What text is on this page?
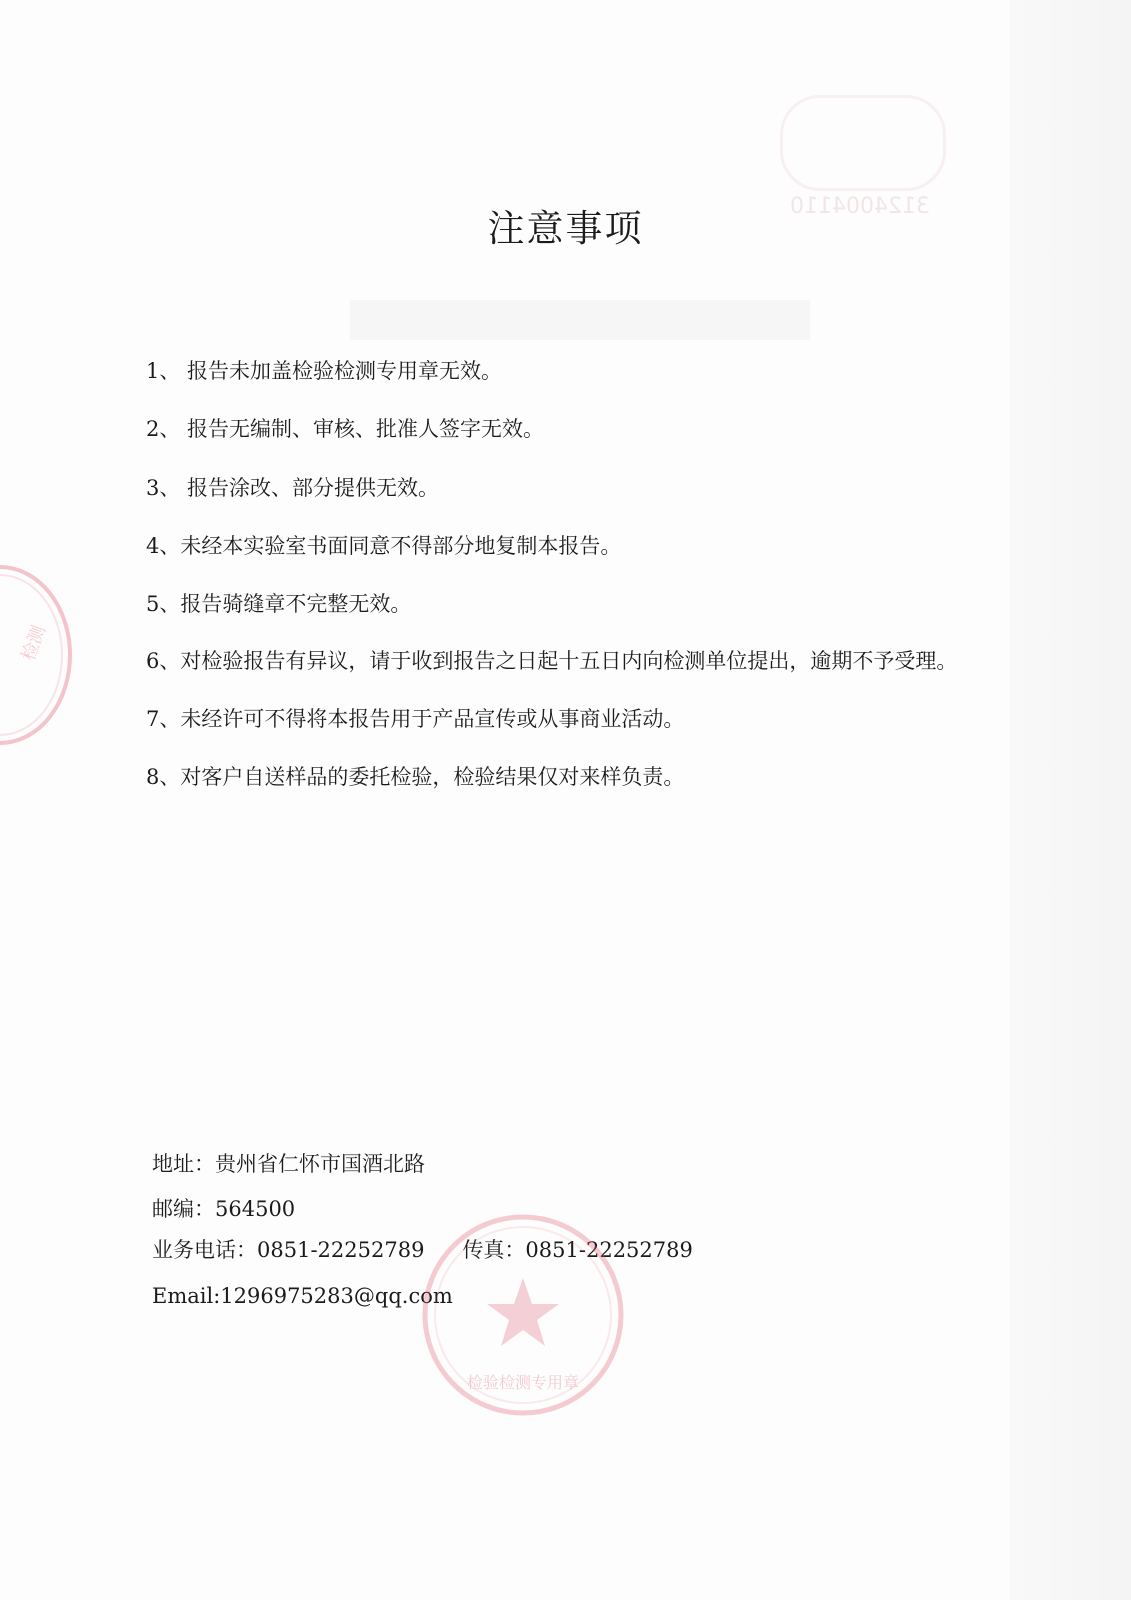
3124004110
注意事项
1、 报告未加盖检验检测专用章无效。
2、 报告无编制、审核、批准人签字无效。
3、 报告涂改、部分提供无效。
4、未经本实验室书面同意不得部分地复制本报告。
5、报告骑缝章不完整无效。
6、对检验报告有异议，请于收到报告之日起十五日内向检测单位提出，逾期不予受理。
7、未经许可不得将本报告用于产品宣传或从事商业活动。
8、对客户自送样品的委托检验，检验结果仅对来样负责。
地址：贵州省仁怀市国酒北路
邮编：564500
业务电话：0851-22252789 传真：0851-22252789
Email:1296975283@qq.com
检测
检验检测专用章
